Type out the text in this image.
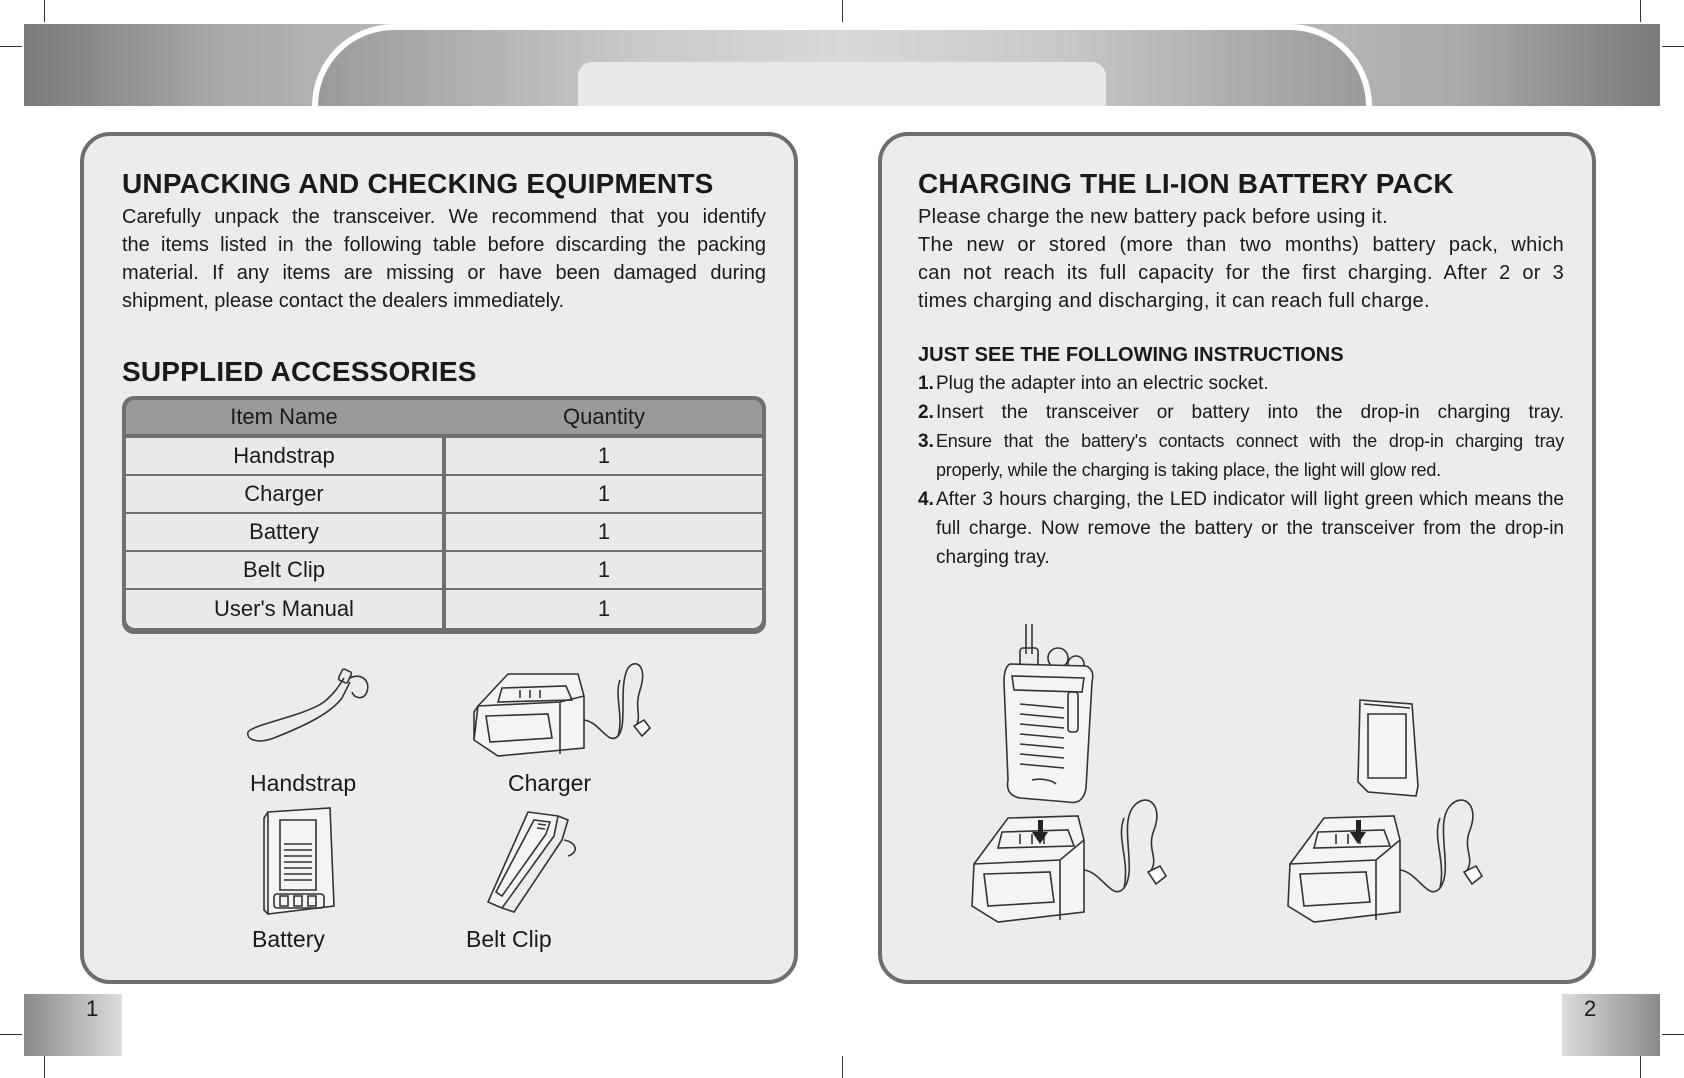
UNPACKING AND CHECKING EQUIPMENTS

Carefully unpack the transceiver. We recommend that you identify

the items listed in the following table before discarding the packing

material. If any items are missing or have been damaged during

shipment, please contact the dealers immediately.

SUPPLIED ACCESSORIES
Item Name	Quantity
Handstrap	1
Charger	1
Battery	1
Belt Clip	1
User's Manual	1
Handstrap	Charger
Battery	Belt Clip
1
CHARGING THE LI-ION BATTERY PACK

Please charge the new battery pack before using it.

The new or stored (more than two months) battery pack, which

can not reach its full capacity for the first charging. After 2 or 3

times charging and discharging, it can reach full charge.

JUST SEE THE FOLLOWING INSTRUCTIONS
1. Plug the adapter into an electric socket.
2. Insert the transceiver or battery into the drop-in charging tray.
3. Ensure that the battery's contacts connect with the drop-in charging tray properly, while the charging is taking place, the light will glow red.
4. After 3 hours charging, the LED indicator will light green which means the full charge. Now remove the battery or the transceiver from the drop-in charging tray.
2
